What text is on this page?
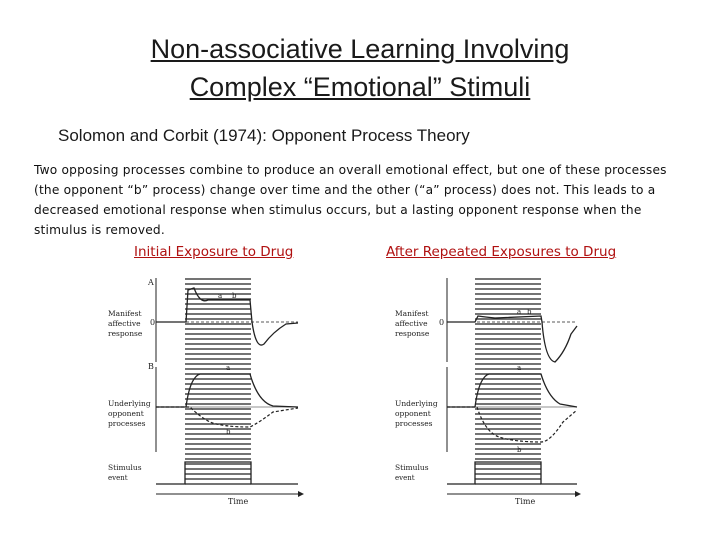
Non-associative Learning Involving
Complex “Emotional” Stimuli
Solomon and Corbit (1974): Opponent Process Theory
Two opposing processes combine to produce an overall emotional effect, but one of these processes (the opponent “b” process) change over time and the other (“a” process) does not. This leads to a decreased emotional response when stimulus occurs, but a lasting opponent response when the stimulus is removed.
Initial Exposure to Drug	After Repeated Exposures to Drug
A
Manifest
affective
response
0
B
Underlying
opponent
processes
Stimulus
event
Time
a b
a
b
Manifest
affective
response
0
Underlying
opponent
processes
Stimulus
event
Time
a b
a
b
